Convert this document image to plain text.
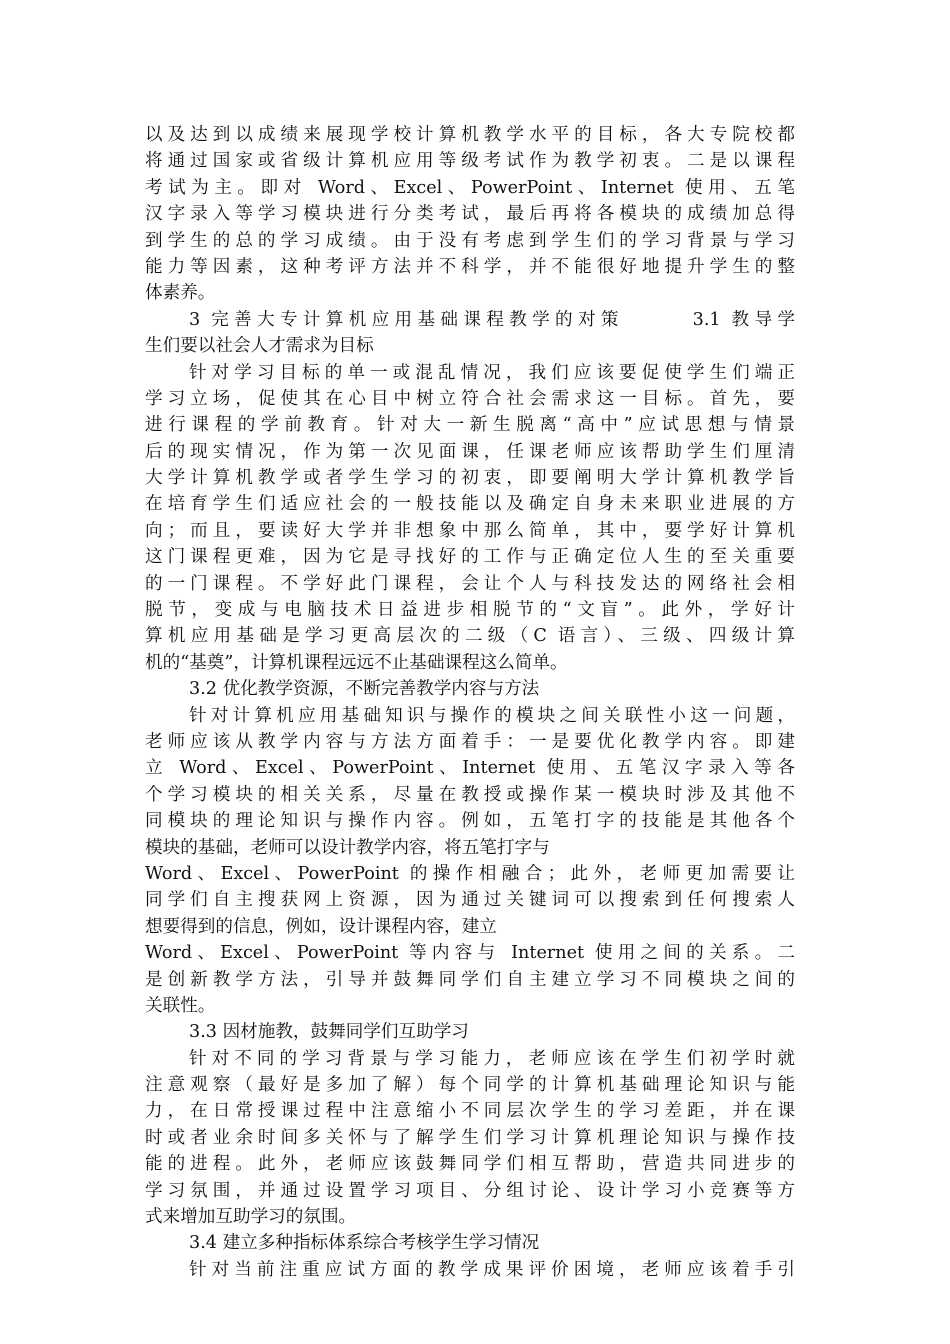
以及达到以成绩来展现学校计算机教学水平的目标，各大专院校都
将通过国家或省级计算机应用等级考试作为教学初衷。二是以课程
考试为主。即对 Word、Excel、PowerPoint、Internet 使用、五笔
汉字录入等学习模块进行分类考试，最后再将各模块的成绩加总得
到学生的总的学习成绩。由于没有考虑到学生们的学习背景与学习
能力等因素，这种考评方法并不科学，并不能很好地提升学生的整
体素养。
3 完善大专计算机应用基础课程教学的对策　　　3.1 教导学
生们要以社会人才需求为目标
针对学习目标的单一或混乱情况，我们应该要促使学生们端正
学习立场，促使其在心目中树立符合社会需求这一目标。首先，要
进行课程的学前教育。针对大一新生脱离“高中”应试思想与情景
后的现实情况，作为第一次见面课，任课老师应该帮助学生们厘清
大学计算机教学或者学生学习的初衷，即要阐明大学计算机教学旨
在培育学生们适应社会的一般技能以及确定自身未来职业进展的方
向；而且，要读好大学并非想象中那么简单，其中，要学好计算机
这门课程更难，因为它是寻找好的工作与正确定位人生的至关重要
的一门课程。不学好此门课程，会让个人与科技发达的网络社会相
脱节，变成与电脑技术日益进步相脱节的“文盲”。此外，学好计
算机应用基础是学习更高层次的二级（C 语言）、三级、四级计算
机的“基奠”，计算机课程远远不止基础课程这么简单。
3.2 优化教学资源，不断完善教学内容与方法
针对计算机应用基础知识与操作的模块之间关联性小这一问题，
老师应该从教学内容与方法方面着手：一是要优化教学内容。即建
立 Word、Excel、PowerPoint、Internet 使用、五笔汉字录入等各
个学习模块的相关关系，尽量在教授或操作某一模块时涉及其他不
同模块的理论知识与操作内容。例如，五笔打字的技能是其他各个
模块的基础，老师可以设计教学内容，将五笔打字与
Word、Excel、PowerPoint 的操作相融合；此外，老师更加需要让
同学们自主搜获网上资源，因为通过关键词可以搜索到任何搜索人
想要得到的信息，例如，设计课程内容，建立
Word、Excel、PowerPoint 等内容与 Internet 使用之间的关系。二
是创新教学方法，引导并鼓舞同学们自主建立学习不同模块之间的
关联性。
3.3 因材施教，鼓舞同学们互助学习
针对不同的学习背景与学习能力，老师应该在学生们初学时就
注意观察（最好是多加了解）每个同学的计算机基础理论知识与能
力，在日常授课过程中注意缩小不同层次学生的学习差距，并在课
时或者业余时间多关怀与了解学生们学习计算机理论知识与操作技
能的进程。此外，老师应该鼓舞同学们相互帮助，营造共同进步的
学习氛围，并通过设置学习项目、分组讨论、设计学习小竞赛等方
式来增加互助学习的氛围。
3.4 建立多种指标体系综合考核学生学习情况
针对当前注重应试方面的教学成果评价困境，老师应该着手引
